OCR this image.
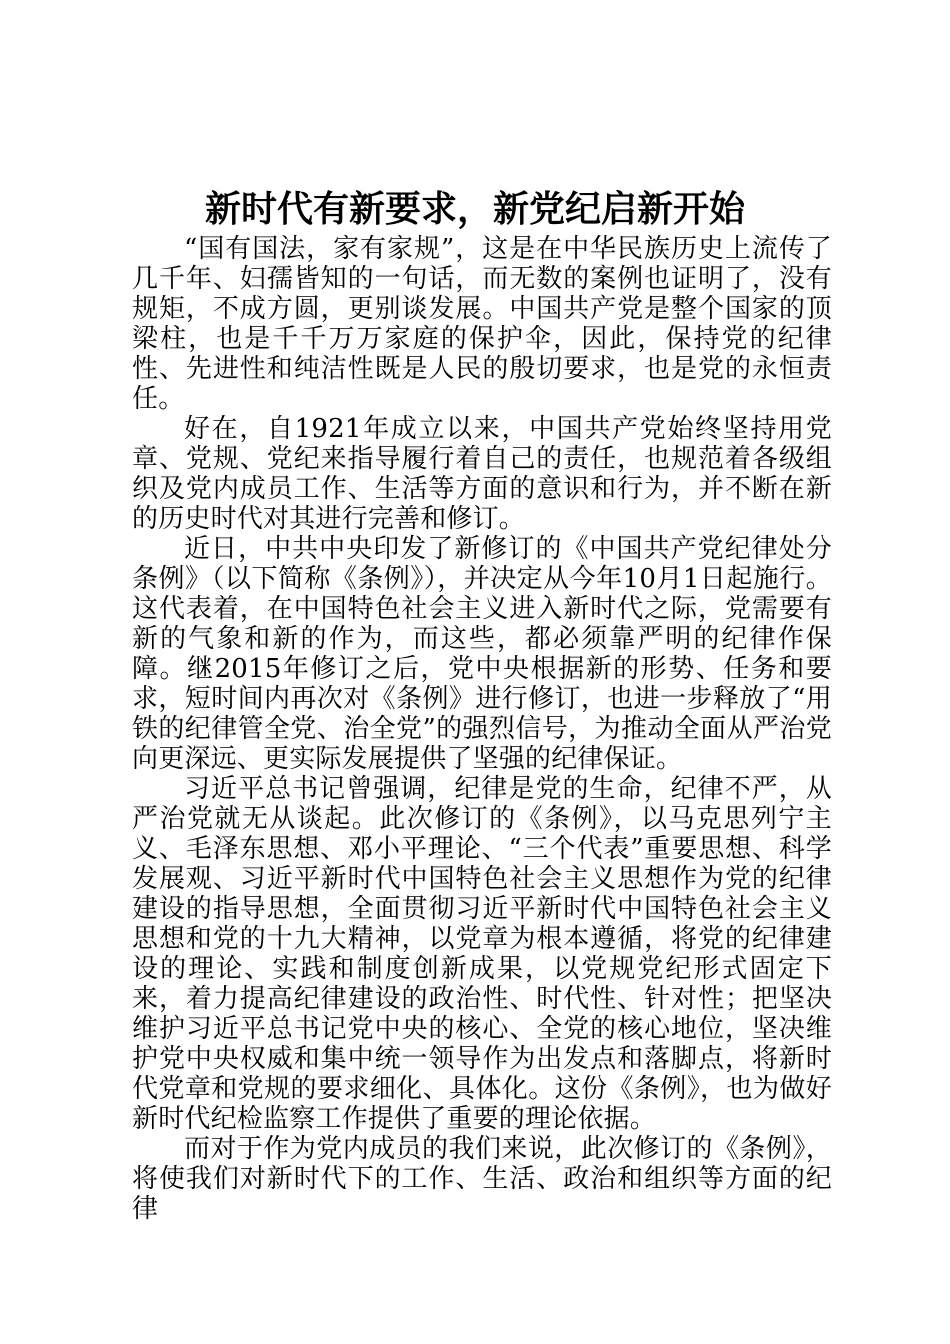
新时代有新要求，新党纪启新开始

“国有国法，家有家规”，这是在中华民族历史上流传了几千年、妇孺皆知的一句话，而无数的案例也证明了，没有规矩，不成方圆，更别谈发展。中国共产党是整个国家的顶梁柱，也是千千万万家庭的保护伞，因此，保持党的纪律性、先进性和纯洁性既是人民的殷切要求，也是党的永恒责任。

好在，自1921年成立以来，中国共产党始终坚持用党章、党规、党纪来指导履行着自己的责任，也规范着各级组织及党内成员工作、生活等方面的意识和行为，并不断在新的历史时代对其进行完善和修订。

近日，中共中央印发了新修订的《中国共产党纪律处分条例》（以下简称《条例》），并决定从今年10月1日起施行。这代表着，在中国特色社会主义进入新时代之际，党需要有新的气象和新的作为，而这些，都必须靠严明的纪律作保障。继2015年修订之后，党中央根据新的形势、任务和要求，短时间内再次对《条例》进行修订，也进一步释放了“用铁的纪律管全党、治全党”的强烈信号，为推动全面从严治党向更深远、更实际发展提供了坚强的纪律保证。

习近平总书记曾强调，纪律是党的生命，纪律不严，从严治党就无从谈起。此次修订的《条例》，以马克思列宁主义、毛泽东思想、邓小平理论、“三个代表”重要思想、科学发展观、习近平新时代中国特色社会主义思想作为党的纪律建设的指导思想，全面贯彻习近平新时代中国特色社会主义思想和党的十九大精神，以党章为根本遵循，将党的纪律建设的理论、实践和制度创新成果，以党规党纪形式固定下来，着力提高纪律建设的政治性、时代性、针对性；把坚决维护习近平总书记党中央的核心、全党的核心地位，坚决维护党中央权威和集中统一领导作为出发点和落脚点，将新时代党章和党规的要求细化、具体化。这份《条例》，也为做好新时代纪检监察工作提供了重要的理论依据。

而对于作为党内成员的我们来说，此次修订的《条例》，将使我们对新时代下的工作、生活、政治和组织等方面的纪律
